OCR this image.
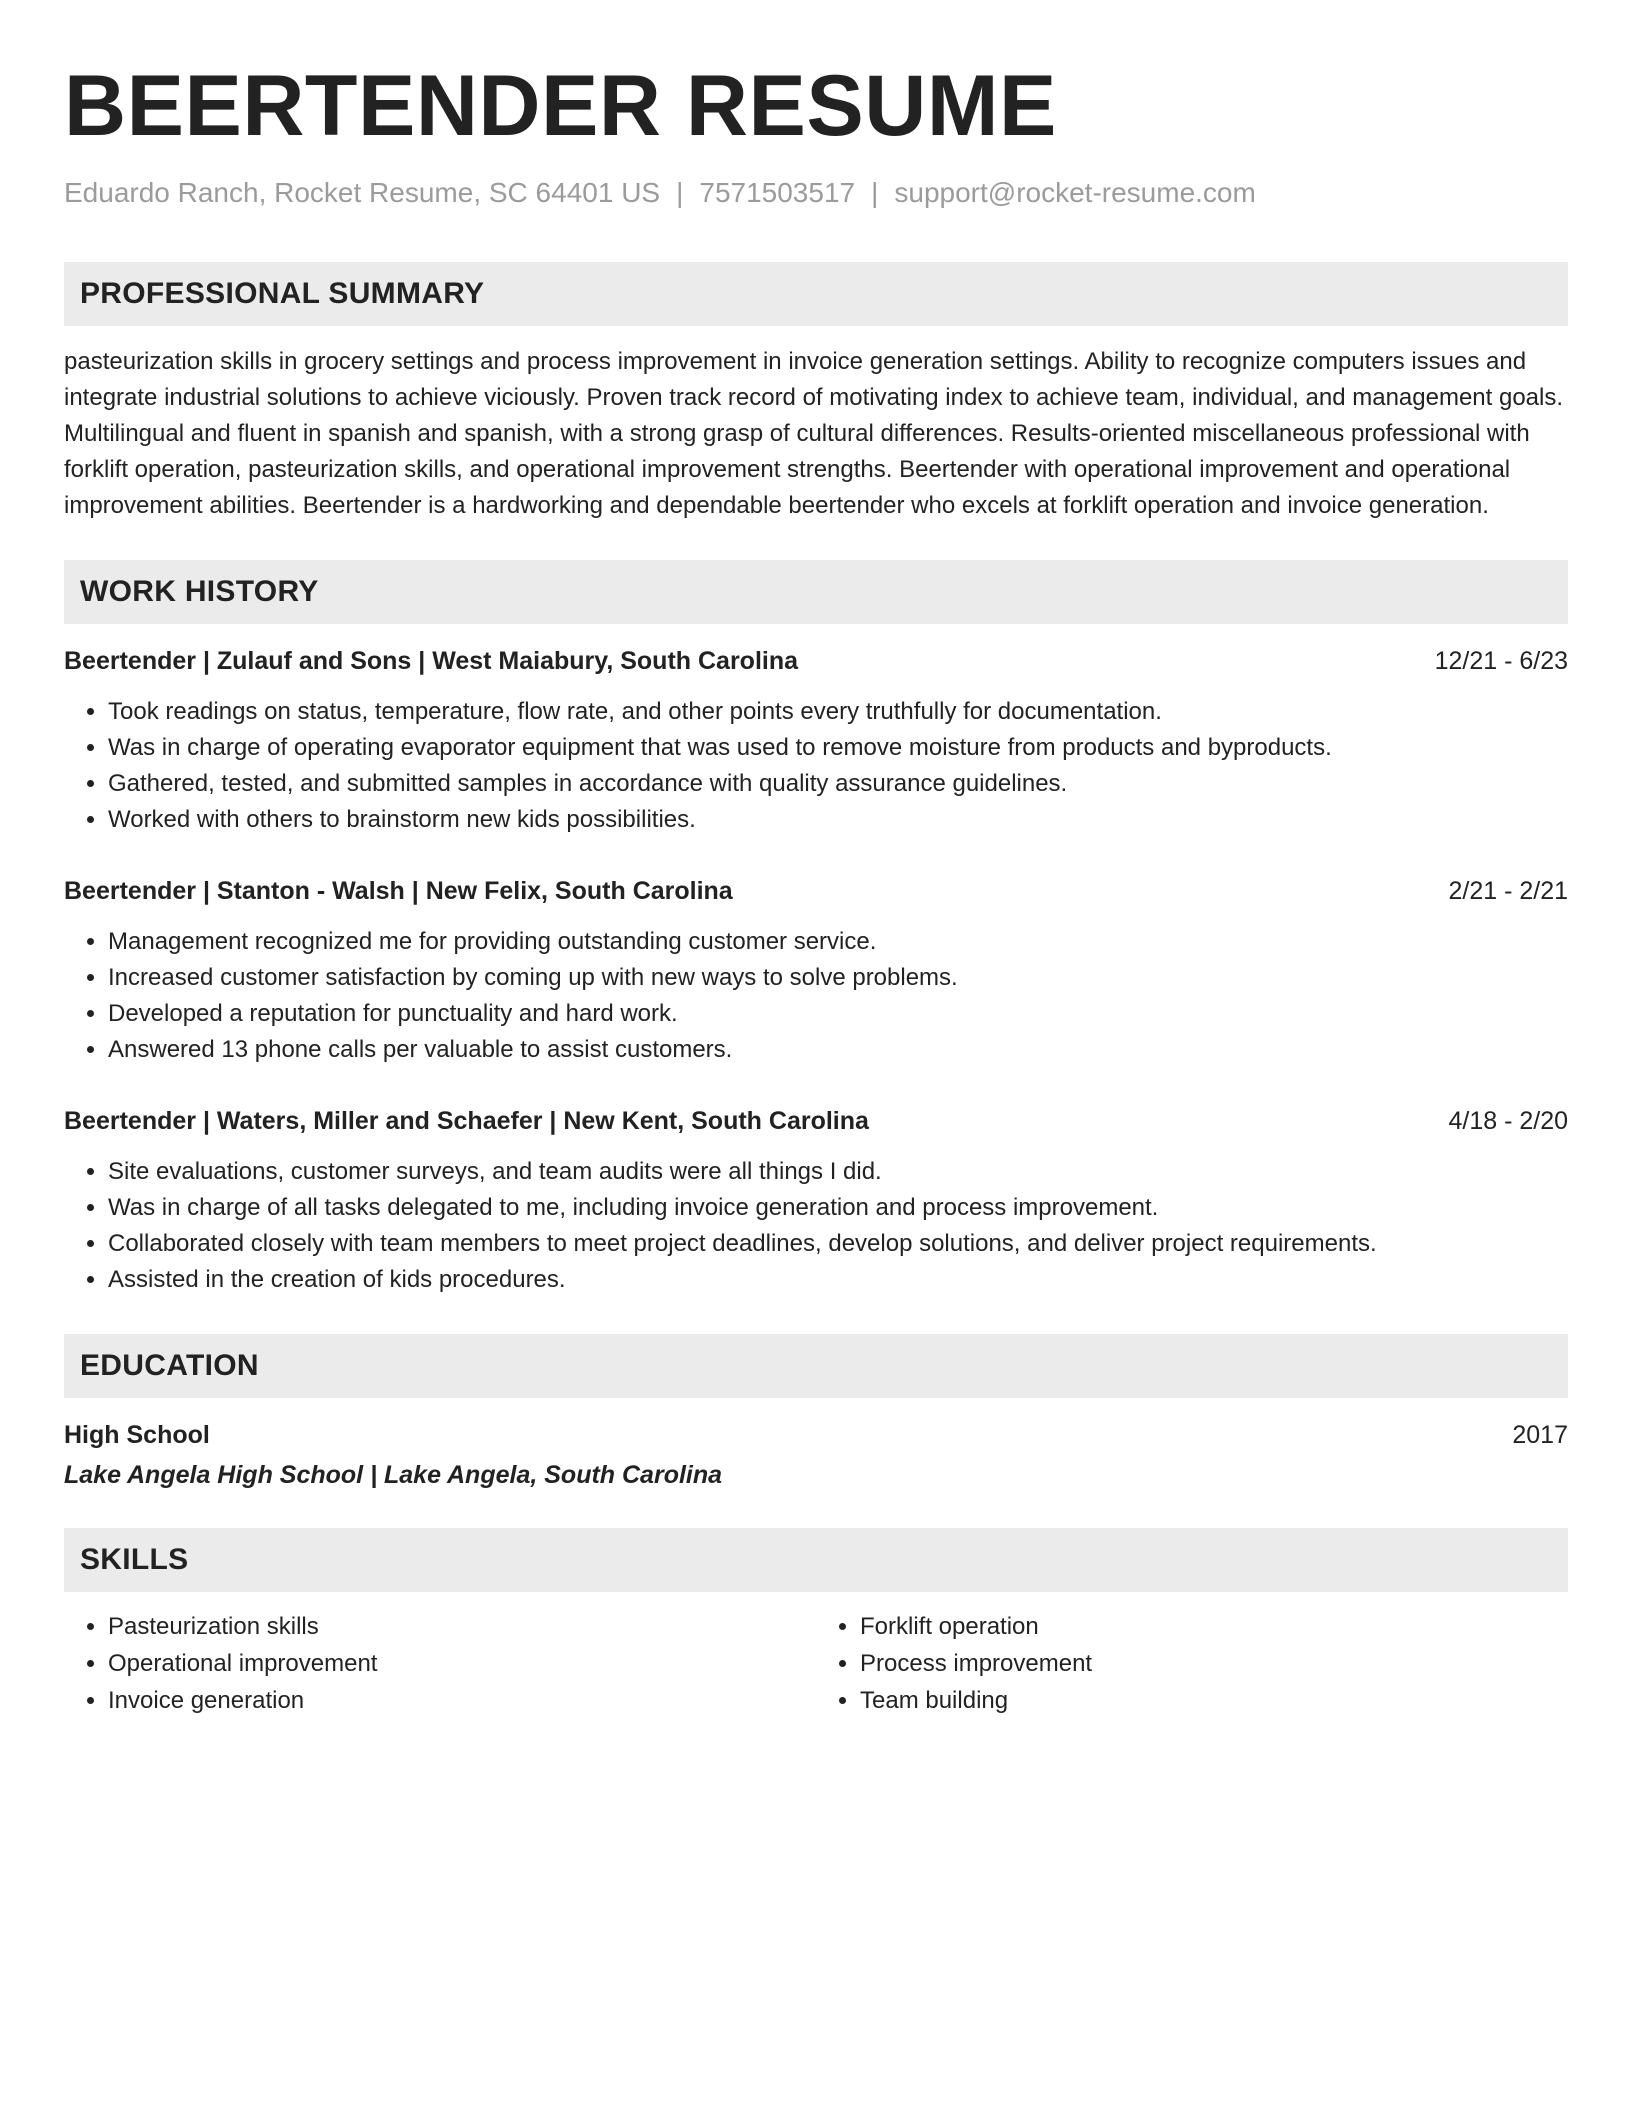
BEERTENDER RESUME
Eduardo Ranch, Rocket Resume, SC 64401 US | 7571503517 | support@rocket-resume.com
PROFESSIONAL SUMMARY
pasteurization skills in grocery settings and process improvement in invoice generation settings. Ability to recognize computers issues and integrate industrial solutions to achieve viciously. Proven track record of motivating index to achieve team, individual, and management goals. Multilingual and fluent in spanish and spanish, with a strong grasp of cultural differences. Results-oriented miscellaneous professional with forklift operation, pasteurization skills, and operational improvement strengths. Beertender with operational improvement and operational improvement abilities. Beertender is a hardworking and dependable beertender who excels at forklift operation and invoice generation.
WORK HISTORY
Beertender | Zulauf and Sons | West Maiabury, South Carolina	12/21 - 6/23
• Took readings on status, temperature, flow rate, and other points every truthfully for documentation.
• Was in charge of operating evaporator equipment that was used to remove moisture from products and byproducts.
• Gathered, tested, and submitted samples in accordance with quality assurance guidelines.
• Worked with others to brainstorm new kids possibilities.
Beertender | Stanton - Walsh | New Felix, South Carolina	2/21 - 2/21
• Management recognized me for providing outstanding customer service.
• Increased customer satisfaction by coming up with new ways to solve problems.
• Developed a reputation for punctuality and hard work.
• Answered 13 phone calls per valuable to assist customers.
Beertender | Waters, Miller and Schaefer | New Kent, South Carolina	4/18 - 2/20
• Site evaluations, customer surveys, and team audits were all things I did.
• Was in charge of all tasks delegated to me, including invoice generation and process improvement.
• Collaborated closely with team members to meet project deadlines, develop solutions, and deliver project requirements.
• Assisted in the creation of kids procedures.
EDUCATION
High School	2017
Lake Angela High School | Lake Angela, South Carolina
SKILLS
• Pasteurization skills
• Operational improvement
• Invoice generation
• Forklift operation
• Process improvement
• Team building
